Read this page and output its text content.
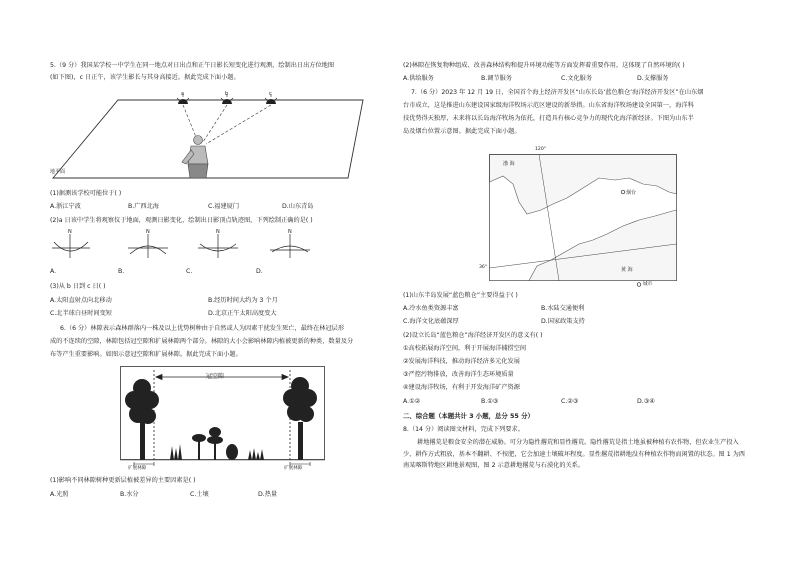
5.（9 分）我国某学校一中学生在同一地点对日出点和正午日影长短变化进行观测，绘制出日出方位地图
(如下图)，c 日正午，该学生影长与其身高接近。据此完成下面小题。
地平面
a	b	c
(1)据测该学校可能位于( )
A.浙江宁波	B.广西北海	C.福建厦门	D.山东青岛
(2)a 日该中学生将观察仪于地面，观测日影变化，绘制出日影顶点轨迹图，下列绘制正确的是( )
N	N	N	N
A.	B.	C.	D.
(3)从 b 日到 c 日( )
A.太阳直射点向北移动	B.经历时间大约为 3 个月
C.北半球白昼时间变短	D.北京正午太阳高度变大
6.（6 分）林隙表示森林群落内一株及以上优势树种由于自然或人为因素干扰发生死亡，最终在林冠层形
成的不连续的空隙，林隙包括冠空隙和扩展林隙两个部分。林隙的大小会影响林隙内植被更新的种类、数量及分
布等产生重要影响。如图示意冠空隙和扩展林隙。据此完成下面小题。
冠空隙
扩展林隙	扩展林隙
(1)影响不同林隙树种更新层植被差异的主要因素是( )
A.光照	B.水分	C.土壤	D.热量
(2)林隙在恢复物种组成、改善森林结构和提升环境功能等方面发挥着重要作用，这体现了自然环境的( )
A.供给服务	B.调节服务	C.文化服务	D.支撑服务
7.（6 分）2023 年 12 月 19 日，全国首个海上经济开发区“山东长岛‘蓝色粮仓’海洋经济开发区”在山东烟
台市成立，这是推进山东建设国家级海洋牧场示范区建设的新举措。山东省海洋牧场建设全国第一，海洋科
技优势得天独厚，未来将以长岛海洋牧场为依托，打造具有核心竞争力的现代化海洋新经济。下图为山东半
岛及烟台位置示意图。据此完成下面小题。
120°
36°
渤 海
烟台
黄 海
城市
(1)山东半岛发展“蓝色粮仓”主要得益于( )
A.冷水鱼类资源丰富	B.水陆交通便利
C.海洋文化底蕴深厚	D.国家政策支持
(2)设立长岛“蓝色粮仓”海洋经济开发区的意义有( )
①高校拓展海洋空间，利于开展海洋捕捞空间
②发展海洋科技，推动海洋经济多元化发展
③严控污物排放，改善海洋生态环境质量
④建设海洋牧场，有利于开发海洋矿产资源
A.①②	B.①③	C.②③	D.③④
二、综合题（本题共计 3 小题，总分 55 分）
8.（14 分）阅读图文材料，完成下列要求。
耕地撂荒是粮食安全的潜在威胁。可分为隐性撂荒和显性撂荒。隐性撂荒是指土地虽被种植有农作物，但农业生产投入少，耕作方式粗放，基本不翻耕、不按肥，它会加速土壤破坏程度。显性撂荒指耕地没有种植农作物而闲置的状态。图 1 为西南某喀斯特地区耕地景观图，图 2 示意耕地撂荒与石漠化的关系。
